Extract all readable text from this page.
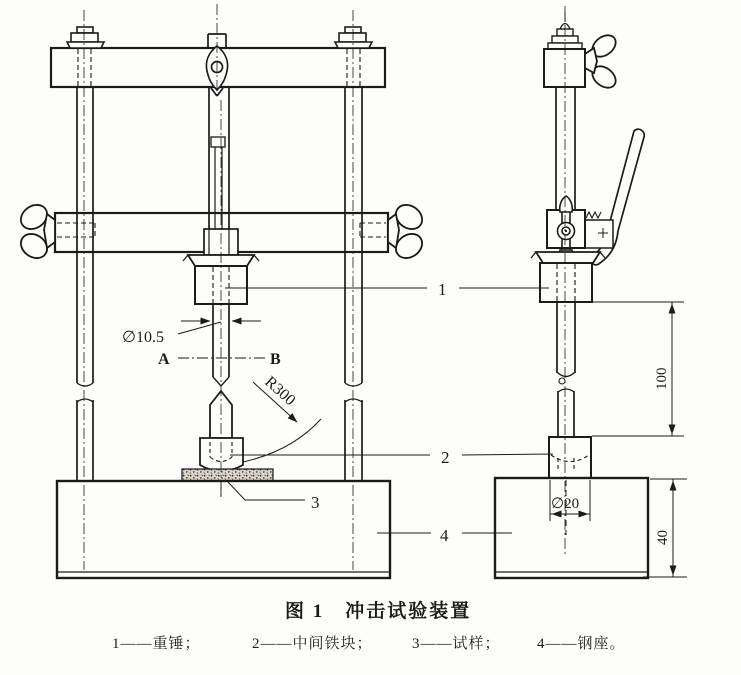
1
2
3
4
∅10.5
A	B
R300	100
∅20
40
图 1　冲击试验装置
1——重锤；	2——中间铁块；	3——试样； 4——钢座。
